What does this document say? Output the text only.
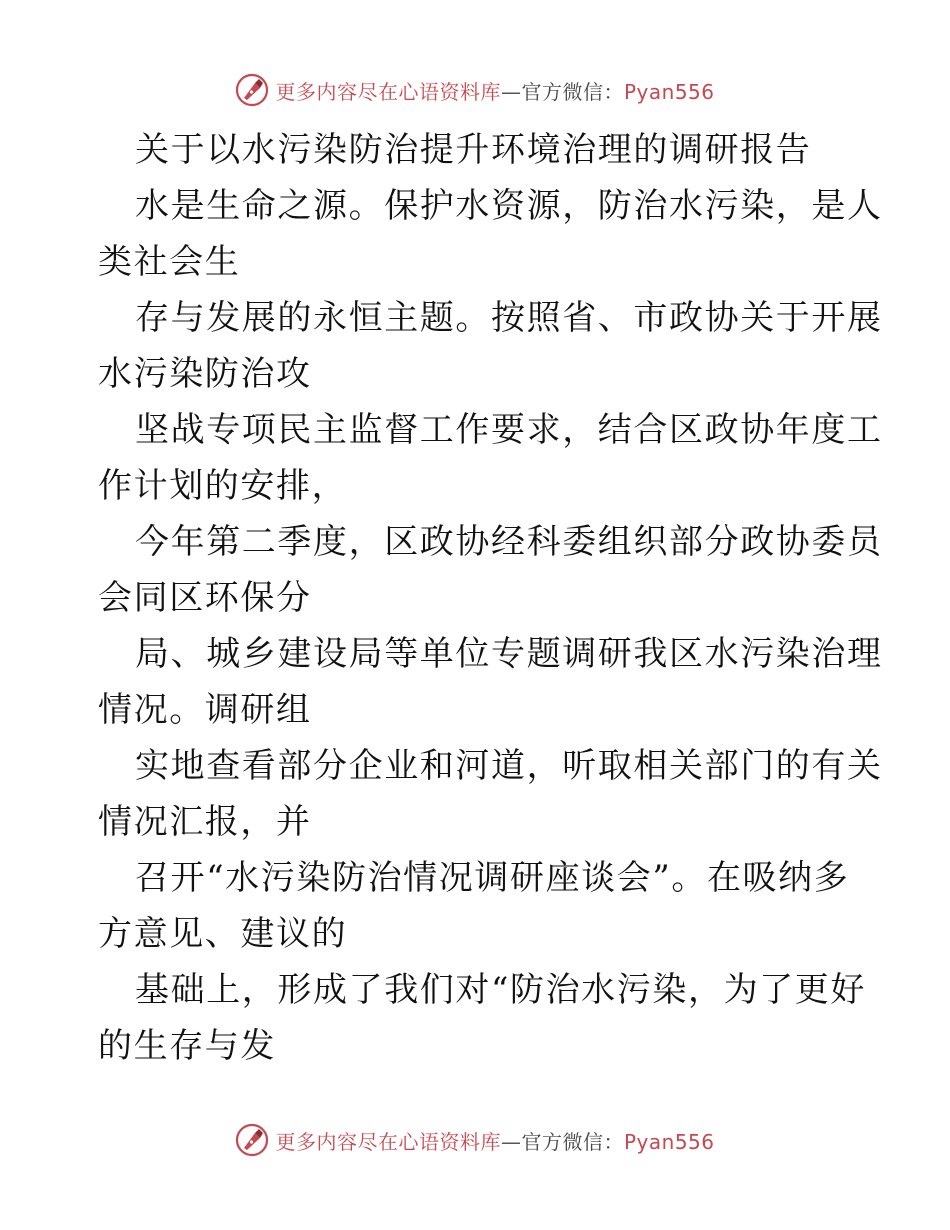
更多内容尽在心语资料库—官方微信：Pyan556
关于以水污染防治提升环境治理的调研报告
水是生命之源。保护水资源，防治水污染，是人
类社会生
存与发展的永恒主题。按照省、市政协关于开展
水污染防治攻
坚战专项民主监督工作要求，结合区政协年度工
作计划的安排，
今年第二季度，区政协经科委组织部分政协委员
会同区环保分
局、城乡建设局等单位专题调研我区水污染治理
情况。调研组
实地查看部分企业和河道，听取相关部门的有关
情况汇报，并
召开“水污染防治情况调研座谈会”。在吸纳多
方意见、建议的
基础上，形成了我们对“防治水污染，为了更好
的生存与发
更多内容尽在心语资料库—官方微信：Pyan556
